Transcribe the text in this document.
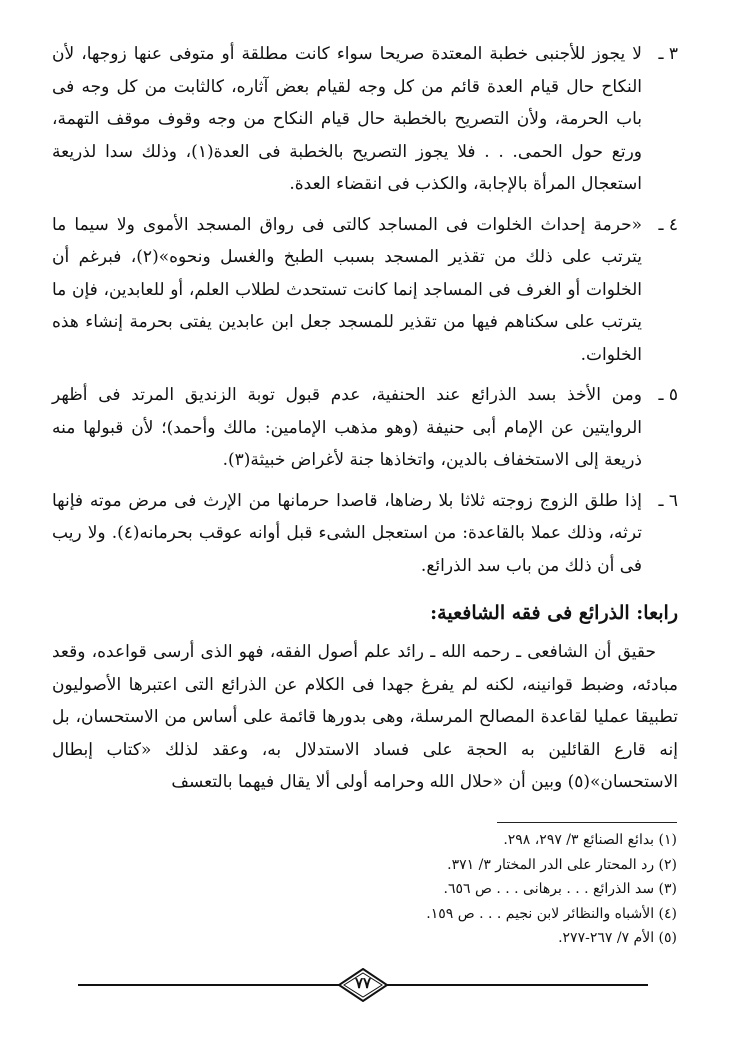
٣ ـ
لا يجوز للأجنبى خطبة المعتدة صريحا سواء كانت مطلقة أو متوفى عنها زوجها، لأن النكاح حال قيام العدة قائم من كل وجه لقيام بعض آثاره، كالثابت من كل وجه فى باب الحرمة، ولأن التصريح بالخطبة حال قيام النكاح من وجه وقوف موقف التهمة، ورتع حول الحمى. . . فلا يجوز التصريح بالخطبة فى العدة(١)، وذلك سدا لذريعة استعجال المرأة بالإجابة، والكذب فى انقضاء العدة.
٤ ـ
«حرمة إحداث الخلوات فى المساجد كالتى فى رواق المسجد الأموى ولا سيما ما يترتب على ذلك من تقذير المسجد بسبب الطبخ والغسل ونحوه»(٢)، فبرغم أن الخلوات أو الغرف فى المساجد إنما كانت تستحدث لطلاب العلم، أو للعابدين، فإن ما يترتب على سكناهم فيها من تقذير للمسجد جعل ابن عابدين يفتى بحرمة إنشاء هذه الخلوات.
٥ ـ
ومن الأخذ بسد الذرائع عند الحنفية، عدم قبول توبة الزنديق المرتد فى أظهر الروايتين عن الإمام أبى حنيفة (وهو مذهب الإمامين: مالك وأحمد)؛ لأن قبولها منه ذريعة إلى الاستخفاف بالدين، واتخاذها جنة لأغراض خبيثة(٣).
٦ ـ
إذا طلق الزوج زوجته ثلاثا بلا رضاها، قاصدا حرمانها من الإرث فى مرض موته فإنها ترثه، وذلك عملا بالقاعدة: من استعجل الشىء قبل أوانه عوقب بحرمانه(٤). ولا ريب فى أن ذلك من باب سد الذرائع.
رابعا: الذرائع فى فقه الشافعية:
حقيق أن الشافعى ـ رحمه الله ـ رائد علم أصول الفقه، فهو الذى أرسى قواعده، وقعد مبادئه، وضبط قوانينه، لكنه لم يفرغ جهدا فى الكلام عن الذرائع التى اعتبرها الأصوليون تطبيقا عمليا لقاعدة المصالح المرسلة، وهى بدورها قائمة على أساس من الاستحسان، بل إنه قارع القائلين به الحجة على فساد الاستدلال به، وعقد لذلك «كتاب إبطال الاستحسان»(٥) وبين أن «حلال الله وحرامه أولى ألا يقال فيهما بالتعسف
(١) بدائع الصنائع ٣/ ٢٩٧، ٢٩٨.
(٢) رد المحتار على الدر المختار ٣/ ٣٧١.
(٣) سد الذرائع . . . برهانى . . . ص ٦٥٦.
(٤) الأشباه والنظائر لابن نجيم . . . ص ١٥٩.
(٥) الأم ٧/ ٢٦٧-٢٧٧.
٧٧
